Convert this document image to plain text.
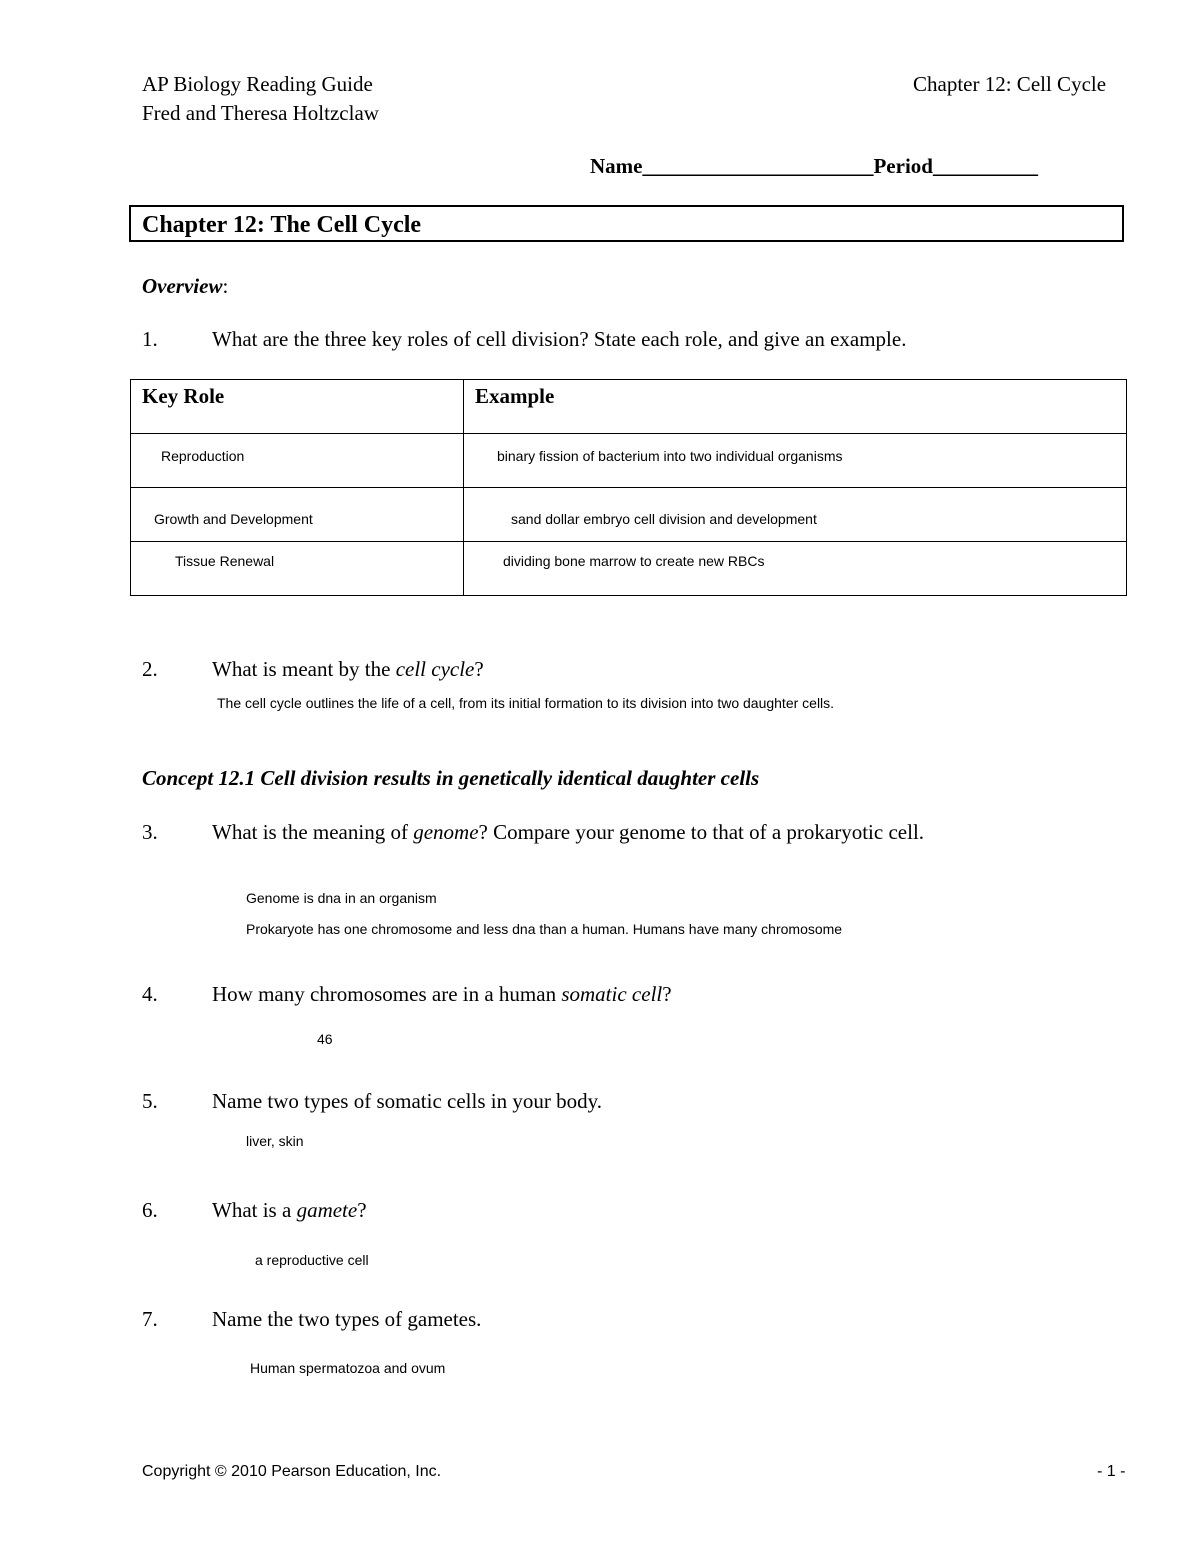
AP Biology Reading Guide
Fred and Theresa Holtzclaw
Chapter 12: Cell Cycle
Name______________________Period__________
Chapter 12: The Cell Cycle
Overview:
1.	What are the three key roles of cell division? State each role, and give an example.
Key Role	Example

Reproduction	binary fission of bacterium into two individual organisms

Growth and Development	sand dollar embryo cell division and development

Tissue Renewal	dividing bone marrow to create new RBCs
2.	What is meant by the cell cycle?
The cell cycle outlines the life of a cell, from its initial formation to its division into two daughter cells.
Concept 12.1 Cell division results in genetically identical daughter cells
3.	What is the meaning of genome? Compare your genome to that of a prokaryotic cell.
Genome is dna in an organism
Prokaryote has one chromosome and less dna than a human. Humans have many chromosome
4.	How many chromosomes are in a human somatic cell?
46
5.	Name two types of somatic cells in your body.
liver, skin
6.	What is a gamete?
a reproductive cell
7.	Name the two types of gametes.
Human spermatozoa and ovum
Copyright © 2010 Pearson Education, Inc.	- 1 -
